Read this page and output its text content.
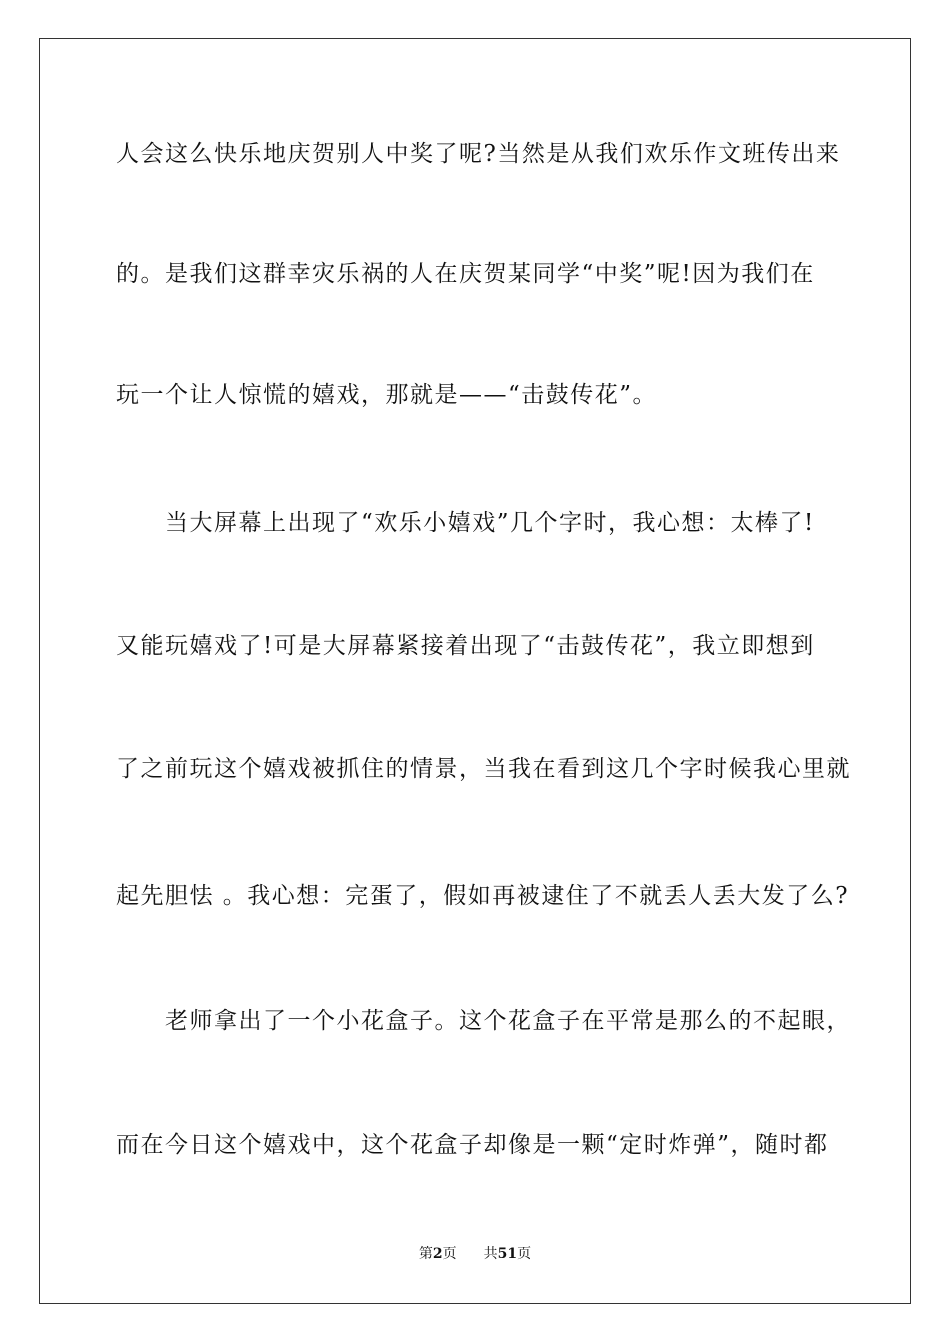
人会这么快乐地庆贺别人中奖了呢?当然是从我们欢乐作文班传出来
的。是我们这群幸灾乐祸的人在庆贺某同学“中奖”呢!因为我们在
玩一个让人惊慌的嬉戏，那就是——“击鼓传花”。
　　当大屏幕上出现了“欢乐小嬉戏”几个字时，我心想：太棒了!
又能玩嬉戏了!可是大屏幕紧接着出现了“击鼓传花”，我立即想到
了之前玩这个嬉戏被抓住的情景，当我在看到这几个字时候我心里就
起先胆怯 。我心想：完蛋了，假如再被逮住了不就丢人丢大发了么?
　　老师拿出了一个小花盒子。这个花盒子在平常是那么的不起眼，
而在今日这个嬉戏中，这个花盒子却像是一颗“定时炸弹”，随时都
第2页 共51页
